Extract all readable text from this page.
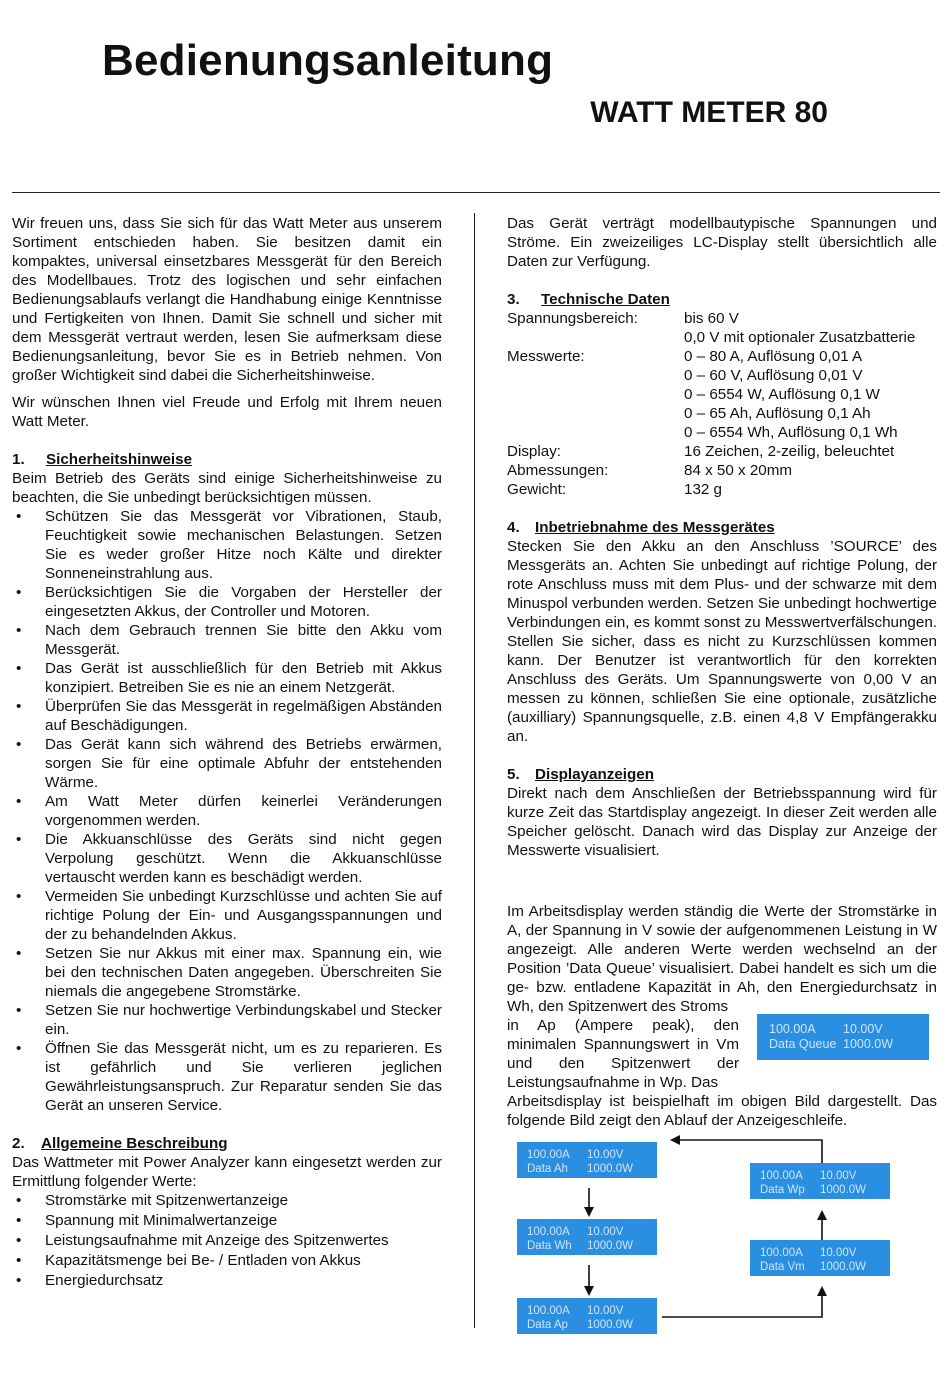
Bedienungsanleitung
WATT METER 80

Wir freuen uns, dass Sie sich für das Watt Meter aus unserem Sortiment entschieden haben. Sie besitzen damit ein kompaktes, universal einsetzbares Messgerät für den Bereich des Modellbaues. Trotz des logischen und sehr einfachen Bedienungsablaufs verlangt die Handhabung einige Kenntnisse und Fertigkeiten von Ihnen. Damit Sie schnell und sicher mit dem Messgerät vertraut werden, lesen Sie aufmerksam diese Bedienungsanleitung, bevor Sie es in Betrieb nehmen. Von großer Wichtigkeit sind dabei die Sicherheitshinweise.

Wir wünschen Ihnen viel Freude und Erfolg mit Ihrem neuen Watt Meter.

1. Sicherheitshinweise

Beim Betrieb des Geräts sind einige Sicherheitshinweise zu beachten, die Sie unbedingt berücksichtigen müssen.

• Schützen Sie das Messgerät vor Vibrationen, Staub, Feuchtigkeit sowie mechanischen Belastungen. Setzen Sie es weder großer Hitze noch Kälte und direkter Sonneneinstrahlung aus.
• Berücksichtigen Sie die Vorgaben der Hersteller der eingesetzten Akkus, der Controller und Motoren.
• Nach dem Gebrauch trennen Sie bitte den Akku vom Messgerät.
• Das Gerät ist ausschließlich für den Betrieb mit Akkus konzipiert. Betreiben Sie es nie an einem Netzgerät.
• Überprüfen Sie das Messgerät in regelmäßigen Abständen auf Beschädigungen.
• Das Gerät kann sich während des Betriebs erwärmen, sorgen Sie für eine optimale Abfuhr der entstehenden Wärme.
• Am Watt Meter dürfen keinerlei Veränderungen vorgenommen werden.
• Die Akkuanschlüsse des Geräts sind nicht gegen Verpolung geschützt. Wenn die Akkuanschlüsse vertauscht werden kann es beschädigt werden.
• Vermeiden Sie unbedingt Kurzschlüsse und achten Sie auf richtige Polung der Ein- und Ausgangsspannungen und der zu behandelnden Akkus.
• Setzen Sie nur Akkus mit einer max. Spannung ein, wie bei den technischen Daten angegeben. Überschreiten Sie niemals die angegebene Stromstärke.
• Setzen Sie nur hochwertige Verbindungskabel und Stecker ein.
• Öffnen Sie das Messgerät nicht, um es zu reparieren. Es ist gefährlich und Sie verlieren jeglichen Gewährleistungsanspruch. Zur Reparatur senden Sie das Gerät an unseren Service.
2. Allgemeine Beschreibung

Das Wattmeter mit Power Analyzer kann eingesetzt werden zur Ermittlung folgender Werte:

• Stromstärke mit Spitzenwertanzeige
• Spannung mit Minimalwertanzeige
• Leistungsaufnahme mit Anzeige des Spitzenwertes
• Kapazitätsmenge bei Be- / Entladen von Akkus
• Energiedurchsatz

Das Gerät verträgt modellbautypische Spannungen und Ströme. Ein zweizeiliges LC-Display stellt übersichtlich alle Daten zur Verfügung.

3. Technische Daten
Spannungsbereich:	bis 60 V
0,0 V mit optionaler Zusatzbatterie
Messwerte:	0 – 80 A, Auflösung 0,01 A
0 – 60 V, Auflösung 0,01 V
0 – 6554 W, Auflösung 0,1 W
0 – 65 Ah, Auflösung 0,1 Ah
0 – 6554 Wh, Auflösung 0,1 Wh
Display:	16 Zeichen, 2-zeilig, beleuchtet
Abmessungen:	84 x 50 x 20mm
Gewicht:	132 g
4. Inbetriebnahme des Messgerätes

Stecken Sie den Akku an den Anschluss ’SOURCE’ des Messgeräts an. Achten Sie unbedingt auf richtige Polung, der rote Anschluss muss mit dem Plus- und der schwarze mit dem Minuspol verbunden werden. Setzen Sie unbedingt hochwertige Verbindungen ein, es kommt sonst zu Messwertverfälschungen. Stellen Sie sicher, dass es nicht zu Kurzschlüssen kommen kann. Der Benutzer ist verantwortlich für den korrekten Anschluss des Geräts. Um Spannungswerte von 0,00 V an messen zu können, schließen Sie eine optionale, zusätzliche (auxilliary) Spannungsquelle, z.B. einen 4,8 V Empfängerakku an.

5. Displayanzeigen

Direkt nach dem Anschließen der Betriebsspannung wird für kurze Zeit das Startdisplay angezeigt. In dieser Zeit werden alle Speicher gelöscht. Danach wird das Display zur Anzeige der Messwerte visualisiert.

Im Arbeitsdisplay werden ständig die Werte der Stromstärke in A, der Spannung in V sowie der aufgenommenen Leistung in W angezeigt. Alle anderen Werte werden wechselnd an der Position ’Data Queue’ visualisiert. Dabei handelt es sich um die ge- bzw. entladene Kapazität in Ah, den Energiedurchsatz in Wh, den Spitzenwert des Stroms

in Ap (Ampere peak), den minimalen Spannungswert in Vm und den Spitzenwert der Leistungsaufnahme in Wp. Das

Arbeitsdisplay ist beispielhaft im obigen Bild dargestellt. Das folgende Bild zeigt den Ablauf der Anzeigeschleife.

100.00A	10.00V
Data Queue 1000.0W
100.00A	10.00V
Data Ah	1000.0W
100.00A	10.00V
Data Wh	1000.0W
100.00A	10.00V
Data Ap	1000.0W
100.00A	10.00V
Data Wp	1000.0W
100.00A	10.00V
Data Vm	1000.0W
